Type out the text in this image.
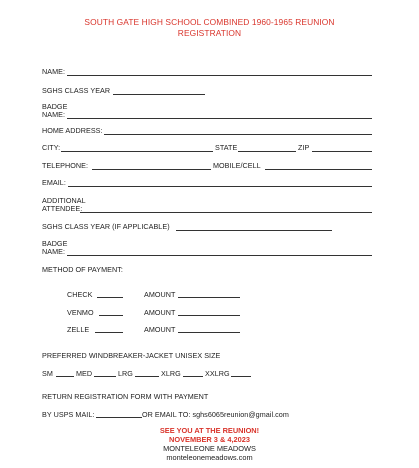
SOUTH GATE HIGH SCHOOL COMBINED 1960-1965 REUNION
REGISTRATION
NAME:
SGHS CLASS YEAR
BADGE
NAME:
HOME ADDRESS:
CITY:	STATE	ZIP
TELEPHONE:	MOBILE/CELL
EMAIL:
ADDITIONAL
ATTENDEE:
SGHS CLASS YEAR (IF APPLICABLE)
BADGE
NAME:
METHOD OF PAYMENT:
CHECK	AMOUNT
VENMO	AMOUNT
ZELLE	AMOUNT
PREFERRED WINDBREAKER-JACKET UNISEX SIZE
SM	MED	LRG	XLRG	XXLRG
RETURN REGISTRATION FORM WITH PAYMENT
BY USPS MAIL:	OR EMAIL TO: sghs6065reunion@gmail.com
SEE YOU AT THE REUNION!
NOVEMBER 3 & 4,2023
MONTELEONE MEADOWS
monteleonemeadows.com
